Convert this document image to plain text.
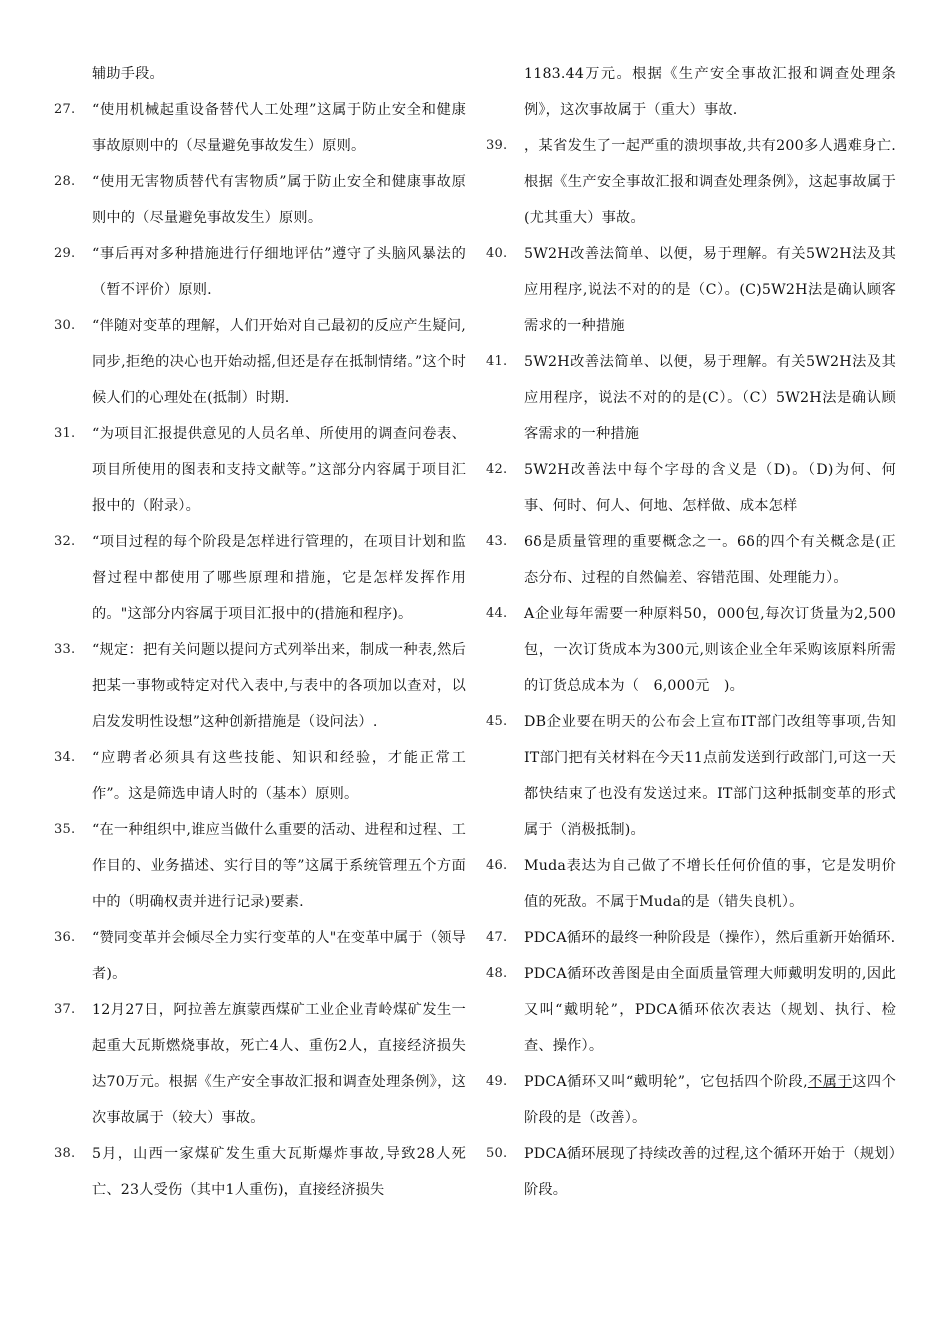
辅助手段。
27.	“使用机械起重设备替代人工处理”这属于防止安全和健康事故原则中的（尽量避免事故发生）原则。
28.	“使用无害物质替代有害物质”属于防止安全和健康事故原则中的（尽量避免事故发生）原则。
29.	“事后再对多种措施进行仔细地评估”遵守了头脑风暴法的（暂不评价）原则.
30.	“伴随对变革的理解，人们开始对自己最初的反应产生疑问,同步,拒绝的决心也开始动摇,但还是存在抵制情绪。”这个时候人们的心理处在(抵制）时期.
31.	“为项目汇报提供意见的人员名单、所使用的调查问卷表、项目所使用的图表和支持文献等。”这部分内容属于项目汇报中的（附录）。
32.	“项目过程的每个阶段是怎样进行管理的，在项目计划和监督过程中都使用了哪些原理和措施，它是怎样发挥作用的。"这部分内容属于项目汇报中的(措施和程序)。
33.	“规定：把有关问题以提问方式列举出来，制成一种表,然后把某一事物或特定对代入表中,与表中的各项加以查对，以启发发明性设想”这种创新措施是（设问法）.
34.	“应聘者必须具有这些技能、知识和经验，才能正常工作”。这是筛选申请人时的（基本）原则。
35.	“在一种组织中,谁应当做什么重要的活动、进程和过程、工作目的、业务描述、实行目的等”这属于系统管理五个方面中的（明确权责并进行记录)要素.
36.	“赞同变革并会倾尽全力实行变革的人"在变革中属于（领导者)。
37.	12月27日，阿拉善左旗蒙西煤矿工业企业青岭煤矿发生一起重大瓦斯燃烧事故，死亡4人、重伤2人，直接经济损失达70万元。根据《生产安全事故汇报和调查处理条例》，这次事故属于（较大）事故。
38.	5月，山西一家煤矿发生重大瓦斯爆炸事故,导致28人死亡、23人受伤（其中1人重伤)，直接经济损失
1183.44万元。根据《生产安全事故汇报和调查处理条例》，这次事故属于（重大）事故.
39.	，某省发生了一起严重的溃坝事故,共有200多人遇难身亡.根据《生产安全事故汇报和调查处理条例》，这起事故属于(尤其重大）事故。
40.	5W2H改善法简单、以便，易于理解。有关5W2H法及其应用程序,说法不对的的是（C）。(C)5W2H法是确认顾客需求的一种措施
41.	5W2H改善法简单、以便，易于理解。有关5W2H法及其应用程序，说法不对的的是(C）。（C）5W2H法是确认顾客需求的一种措施
42.	5W2H改善法中每个字母的含义是（D)。（D)为何、何事、何时、何人、何地、怎样做、成本怎样
43.	6δ是质量管理的重要概念之一。6δ的四个有关概念是(正态分布、过程的自然偏差、容错范围、处理能力）。
44.	A企业每年需要一种原料50，000包,每次订货量为2,500包，一次订货成本为300元,则该企业全年采购该原料所需的订货总成本为（　6,000元　)。
45.	DB企业要在明天的公布会上宣布IT部门改组等事项,告知IT部门把有关材料在今天11点前发送到行政部门,可这一天都快结束了也没有发送过来。IT部门这种抵制变革的形式属于（消极抵制)。
46.	Muda表达为自己做了不增长任何价值的事，它是发明价值的死敌。不属于Muda的是（错失良机）。
47.	PDCA循环的最终一种阶段是（操作），然后重新开始循环.
48.	PDCA循环改善图是由全面质量管理大师戴明发明的,因此又叫“戴明轮”，PDCA循环依次表达（规划、执行、检查、操作）。
49.	PDCA循环又叫“戴明轮”，它包括四个阶段,不属于这四个阶段的是（改善）。
50.	PDCA循环展现了持续改善的过程,这个循环开始于（规划）阶段。
